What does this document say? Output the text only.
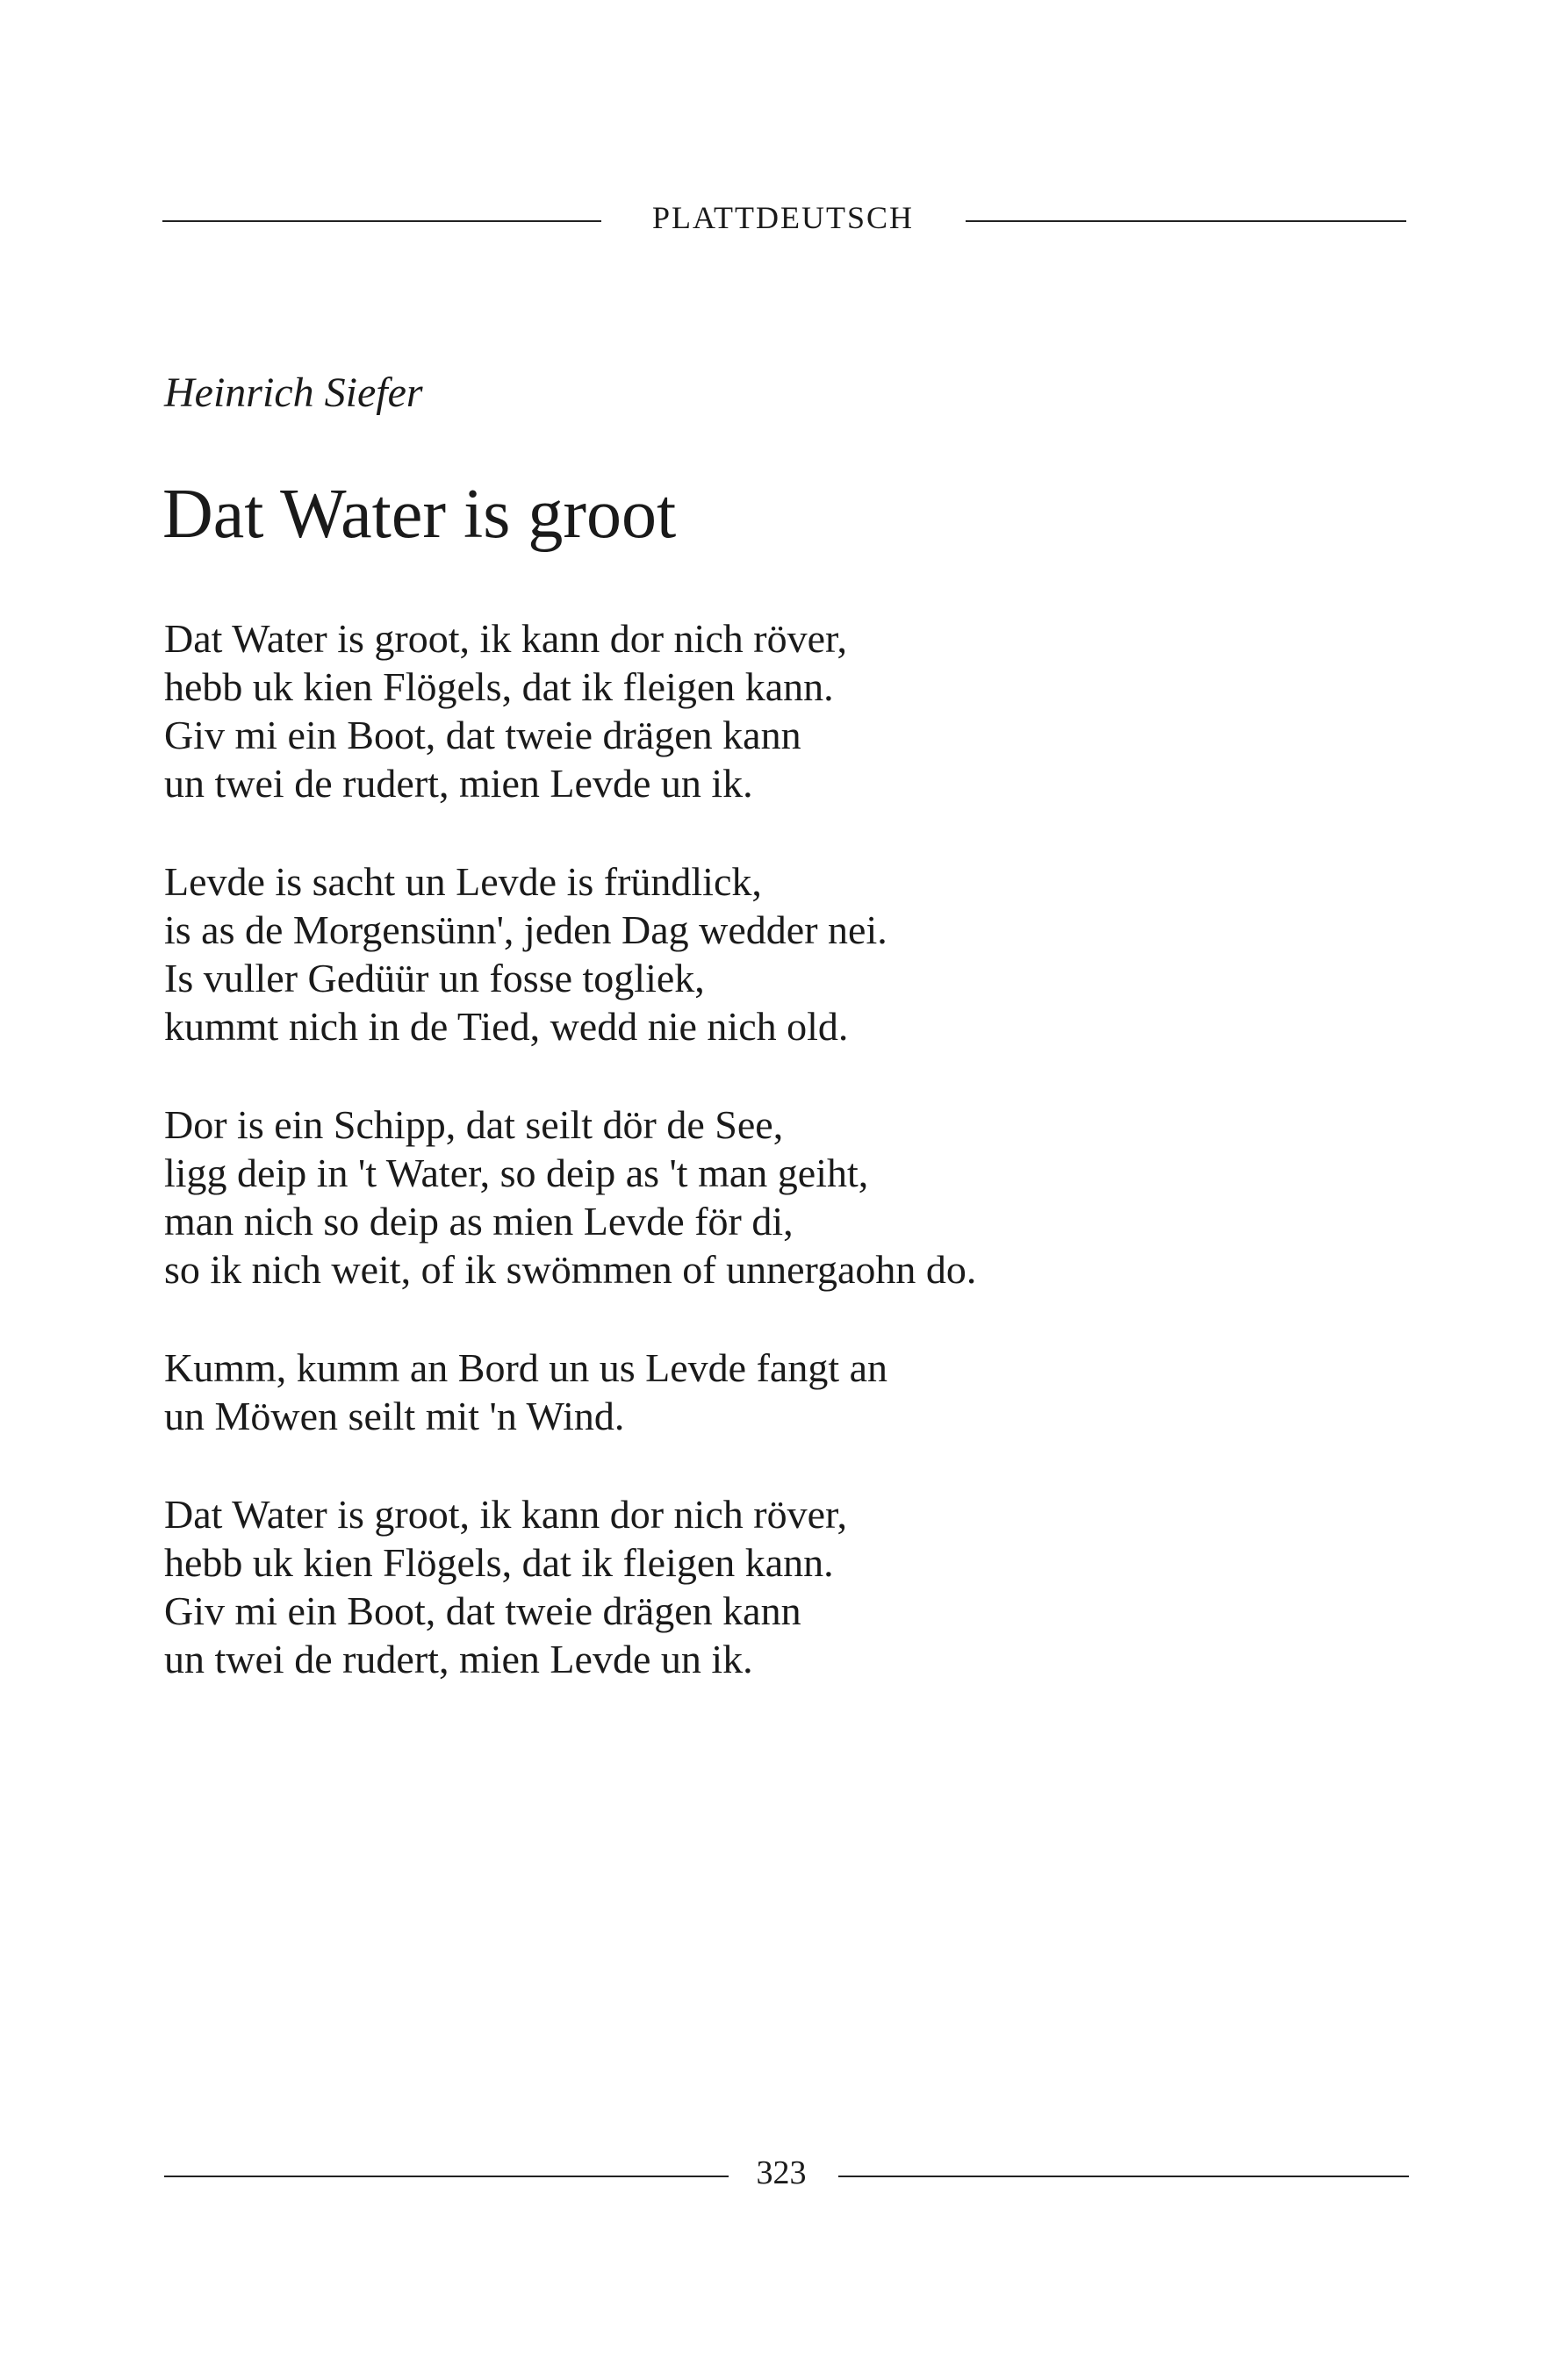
PLATTDEUTSCH
Heinrich Siefer
Dat Water is groot
Dat Water is groot, ik kann dor nich röver,
hebb uk kien Flögels, dat ik fleigen kann.
Giv mi ein Boot, dat tweie drägen kann
un twei de rudert, mien Levde un ik.
Levde is sacht un Levde is fründlick,
is as de Morgensünn', jeden Dag wedder nei.
Is vuller Gedüür un fosse togliek,
kummt nich in de Tied, wedd nie nich old.
Dor is ein Schipp, dat seilt dör de See,
ligg deip in 't Water, so deip as 't man geiht,
man nich so deip as mien Levde för di,
so ik nich weit, of ik swömmen of unnergaohn do.
Kumm, kumm an Bord un us Levde fangt an
un Möwen seilt mit 'n Wind.
Dat Water is groot, ik kann dor nich röver,
hebb uk kien Flögels, dat ik fleigen kann.
Giv mi ein Boot, dat tweie drägen kann
un twei de rudert, mien Levde un ik.
323
